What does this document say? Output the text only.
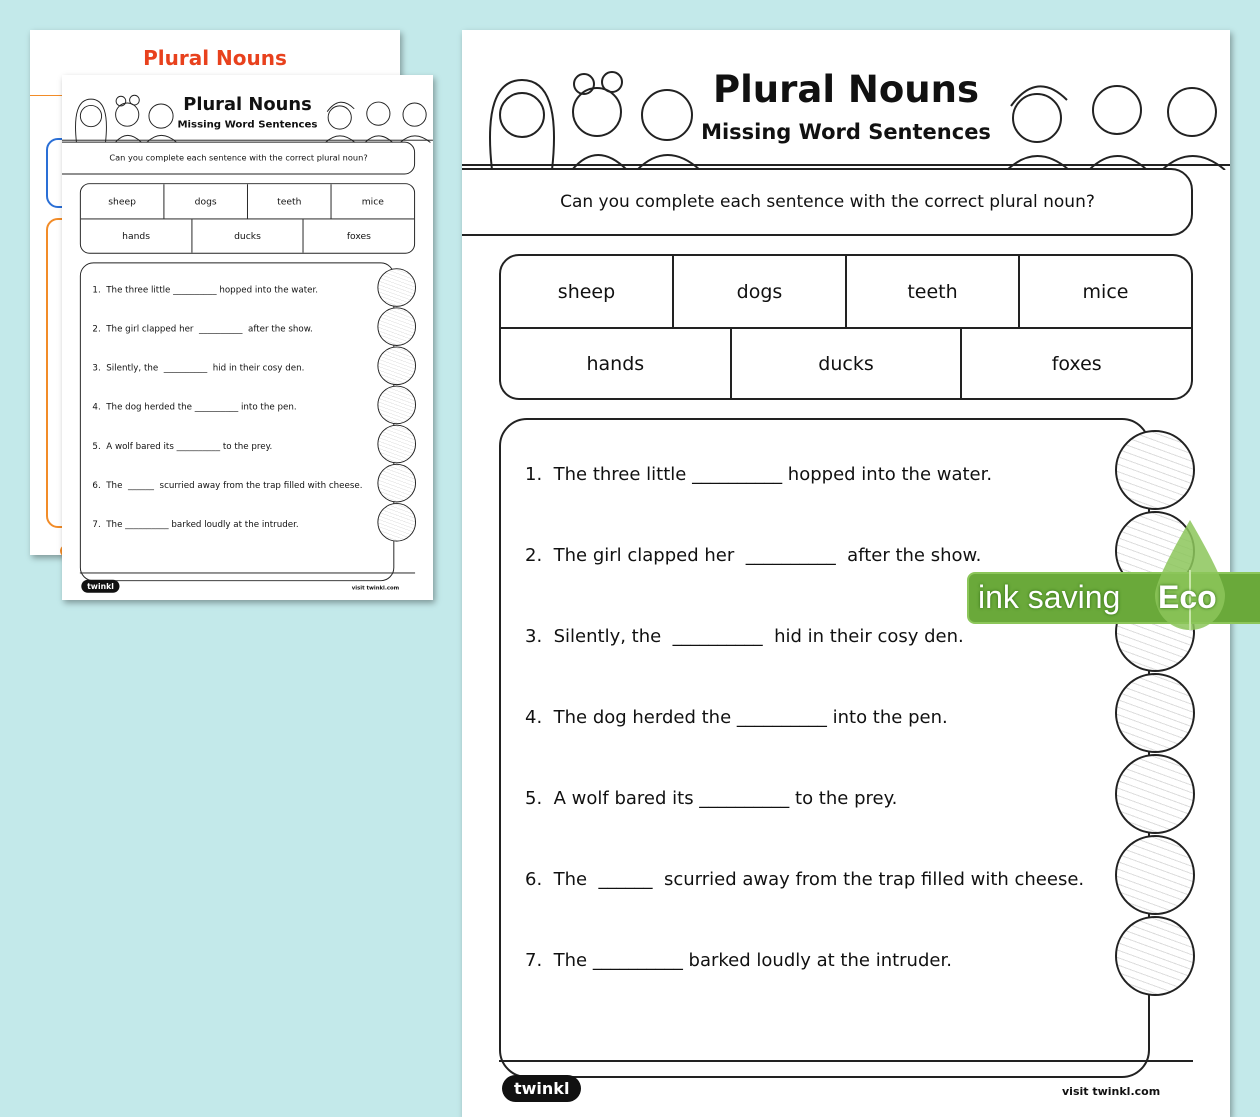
Plural Nouns
Plural Nouns
Missing Word Sentences
Can you complete each sentence with the correct plural noun?
sheep	dogs	teeth	mice
hands	ducks	foxes
1.  The three little __________ hopped into the water.
2.  The girl clapped her  __________  after the show.
3.  Silently, the  __________  hid in their cosy den.
4.  The dog herded the __________ into the pen.
5.  A wolf bared its __________ to the prey.
6.  The  ______  scurried away from the trap filled with cheese.
7.  The __________ barked loudly at the intruder.
twinkl	visit twinkl.com
Plural Nouns
Missing Word Sentences
Can you complete each sentence with the correct plural noun?
sheep	dogs	teeth	mice
hands	ducks	foxes
1.  The three little __________ hopped into the water.
2.  The girl clapped her  __________  after the show.
3.  Silently, the  __________  hid in their cosy den.
4.  The dog herded the __________ into the pen.
5.  A wolf bared its __________ to the prey.
6.  The  ______  scurried away from the trap filled with cheese.
7.  The __________ barked loudly at the intruder.
twinkl	visit twinkl.com
ink saving Eco
